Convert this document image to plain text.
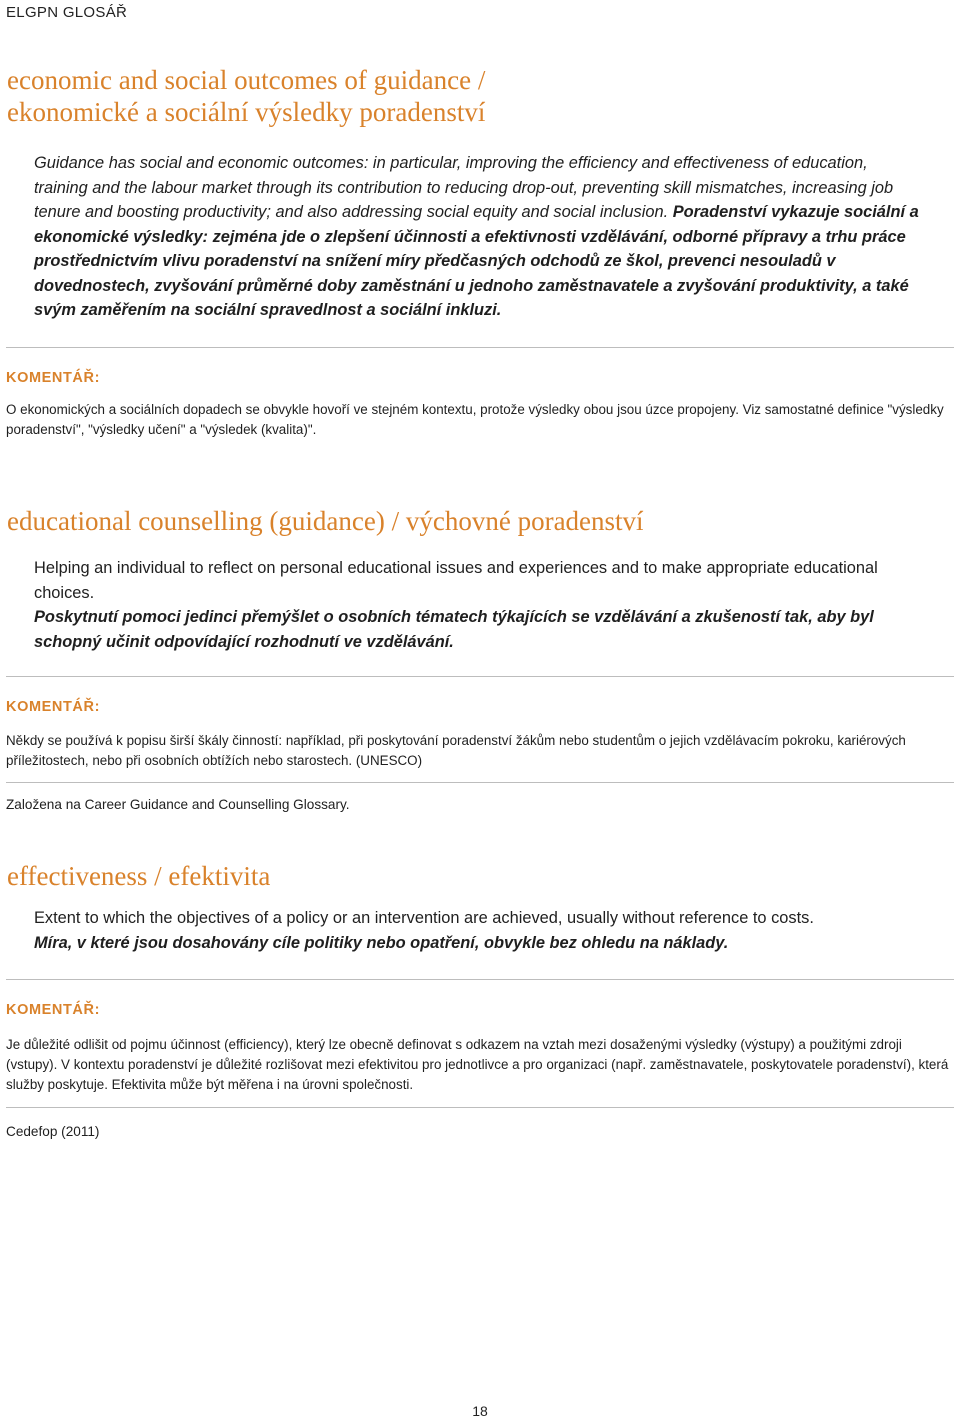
ELGPN GLOSÁŘ
economic and social outcomes of guidance /
ekonomické a sociální výsledky poradenství

Guidance has social and economic outcomes: in particular, improving the efficiency and effectiveness of education, training and the labour market through its contribution to reducing drop-out, preventing skill mismatches, increasing job tenure and boosting productivity; and also addressing social equity and social inclusion. Poradenství vykazuje sociální a ekonomické výsledky: zejména jde o zlepšení účinnosti a efektivnosti vzdělávání, odborné přípravy a trhu práce prostřednictvím vlivu poradenství na snížení míry předčasných odchodů ze škol, prevenci nesouladů v dovednostech, zvyšování průměrné doby zaměstnání u jednoho zaměstnavatele a zvyšování produktivity, a také svým zaměřením na sociální spravedlnost a sociální inkluzi.

KOMENTÁŘ:

O ekonomických a sociálních dopadech se obvykle hovoří ve stejném kontextu, protože výsledky obou jsou úzce propojeny. Viz samostatné definice "výsledky poradenství", "výsledky učení" a "výsledek (kvalita)".

educational counselling (guidance) / výchovné poradenství

Helping an individual to reflect on personal educational issues and experiences and to make appropriate educational choices.
Poskytnutí pomoci jedinci přemýšlet o osobních tématech týkajících se vzdělávání a zkušeností tak, aby byl schopný učinit odpovídající rozhodnutí ve vzdělávání.

KOMENTÁŘ:

Někdy se používá k popisu širší škály činností: například, při poskytování poradenství žákům nebo studentům o jejich vzdělávacím pokroku, kariérových příležitostech, nebo při osobních obtížích nebo starostech. (UNESCO)

Založena na Career Guidance and Counselling Glossary.
effectiveness / efektivita

Extent to which the objectives of a policy or an intervention are achieved, usually without reference to costs.
Míra, v které jsou dosahovány cíle politiky nebo opatření, obvykle bez ohledu na náklady.

KOMENTÁŘ:

Je důležité odlišit od pojmu účinnost (efficiency), který lze obecně definovat s odkazem na vztah mezi dosaženými výsledky (výstupy) a použitými zdroji (vstupy). V kontextu poradenství je důležité rozlišovat mezi efektivitou pro jednotlivce a pro organizaci (např. zaměstnavatele, poskytovatele poradenství), která služby poskytuje. Efektivita může být měřena i na úrovni společnosti.

Cedefop (2011)
18
